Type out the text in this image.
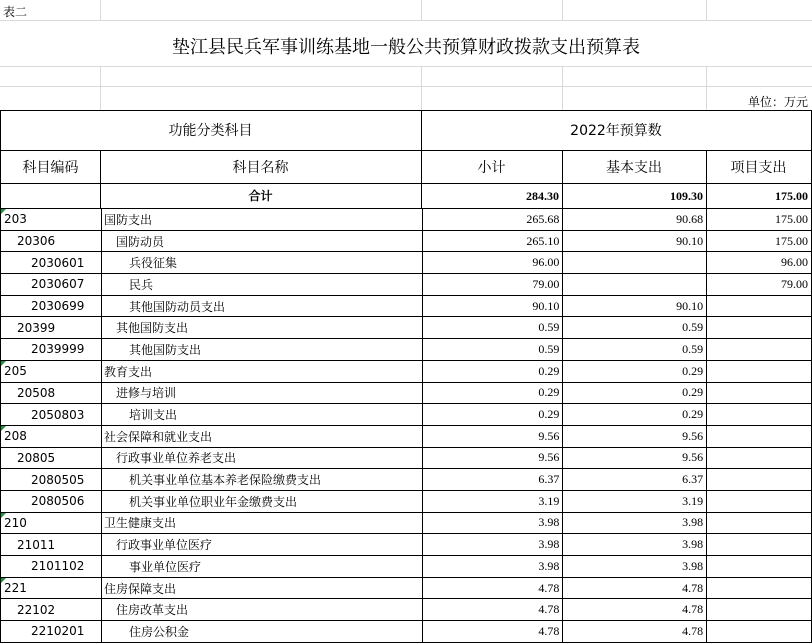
表二
垫江县民兵军事训练基地一般公共预算财政拨款支出预算表
单位：万元
功能分类科目	2022年预算数
科目编码	科目名称	小计	基本支出	项目支出
合计	284.30	109.30	175.00
203	国防支出	265.68	90.68	175.00
20306	国防动员	265.10	90.10	175.00
2030601	兵役征集	96.00		96.00
2030607	民兵	79.00		79.00
2030699	其他国防动员支出	90.10	90.10	
20399	其他国防支出	0.59	0.59	
2039999	其他国防支出	0.59	0.59	
205	教育支出	0.29	0.29	
20508	进修与培训	0.29	0.29	
2050803	培训支出	0.29	0.29	
208	社会保障和就业支出	9.56	9.56	
20805	行政事业单位养老支出	9.56	9.56	
2080505	机关事业单位基本养老保险缴费支出	6.37	6.37	
2080506	机关事业单位职业年金缴费支出	3.19	3.19	
210	卫生健康支出	3.98	3.98	
21011	行政事业单位医疗	3.98	3.98	
2101102	事业单位医疗	3.98	3.98	
221	住房保障支出	4.78	4.78	
22102	住房改革支出	4.78	4.78	
2210201	住房公积金	4.78	4.78	
